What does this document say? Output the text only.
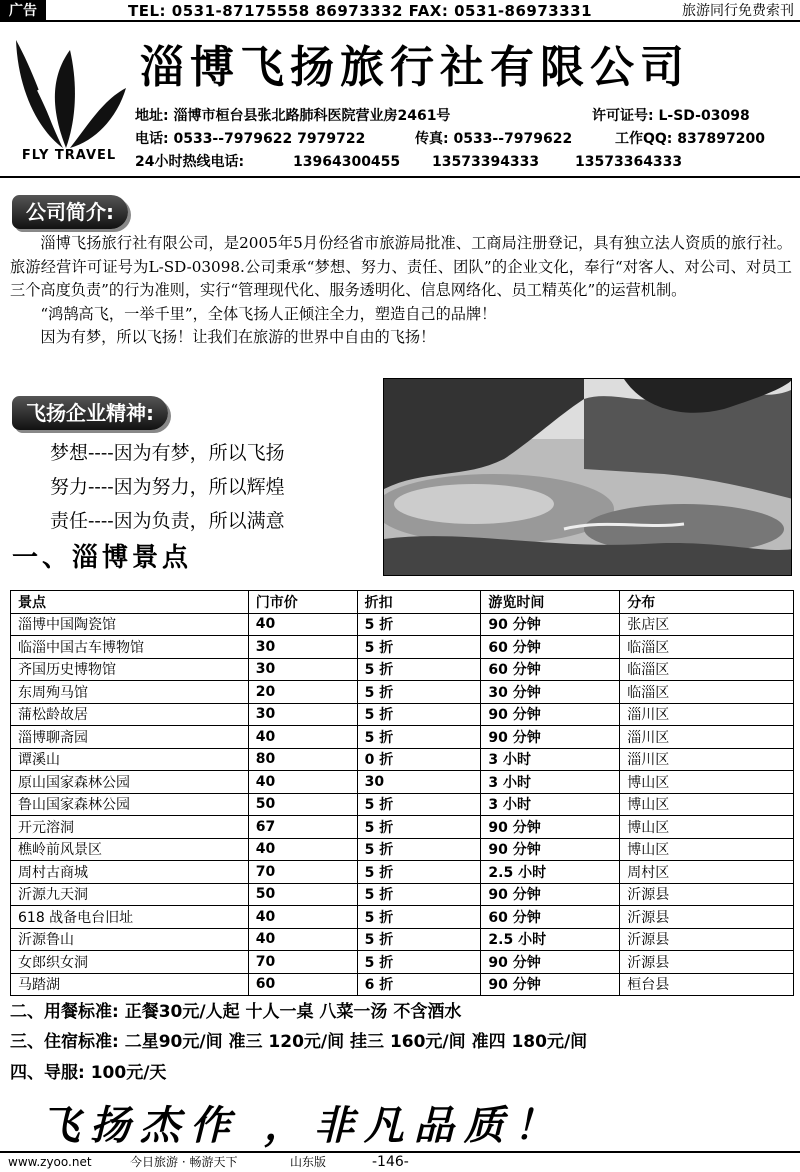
广告	TEL: 0531-87175558 86973332 FAX: 0531-86973331	旅游同行免费索刊
FLY TRAVEL
淄博飞扬旅行社有限公司
地址: 淄博市桓台县张北路肺科医院营业房2461号	许可证号: L-SD-03098
电话: 0533--7979622 7979722	传真: 0533--7979622	工作QQ: 837897200
24小时热线电话:	13964300455 13573394333	13573364333
公司简介:

淄博飞扬旅行社有限公司，是2005年5月份经省市旅游局批准、工商局注册登记，具有独立法人资质的旅行社。旅游经营许可证号为L-SD-03098.公司秉承“梦想、努力、责任、团队”的企业文化，奉行“对客人、对公司、对员工三个高度负责”的行为准则，实行“管理现代化、服务透明化、信息网络化、员工精英化”的运营机制。

“鸿鹄高飞，一举千里”，全体飞扬人正倾注全力，塑造自己的品牌！

因为有梦，所以飞扬！让我们在旅游的世界中自由的飞扬！

飞扬企业精神:
梦想----因为有梦，所以飞扬
努力----因为努力，所以辉煌
责任----因为负责，所以满意
一、淄博景点
景点	门市价	折扣	游览时间	分布
淄博中国陶瓷馆	40	5 折	90 分钟	张店区
临淄中国古车博物馆	30	5 折	60 分钟	临淄区
齐国历史博物馆	30	5 折	60 分钟	临淄区
东周殉马馆	20	5 折	30 分钟	临淄区
蒲松龄故居	30	5 折	90 分钟	淄川区
淄博聊斋园	40	5 折	90 分钟	淄川区
谭溪山	80	0 折	3 小时	淄川区
原山国家森林公园	40	30	3 小时	博山区
鲁山国家森林公园	50	5 折	3 小时	博山区
开元溶洞	67	5 折	90 分钟	博山区
樵岭前风景区	40	5 折	90 分钟	博山区
周村古商城	70	5 折	2.5 小时	周村区
沂源九天洞	50	5 折	90 分钟	沂源县
618 战备电台旧址	40	5 折	60 分钟	沂源县
沂源鲁山	40	5 折	2.5 小时	沂源县
女郎织女洞	70	5 折	90 分钟	沂源县
马踏湖	60	6 折	90 分钟	桓台县
二、用餐标准: 正餐30元/人起 十人一桌 八菜一汤 不含酒水
三、住宿标准: 二星90元/间 准三 120元/间 挂三 160元/间 准四 180元/间
四、导服: 100元/天
飞扬杰作 ，非凡品质！
www.zyoo.net	今日旅游 · 畅游天下	山东版	-146-
